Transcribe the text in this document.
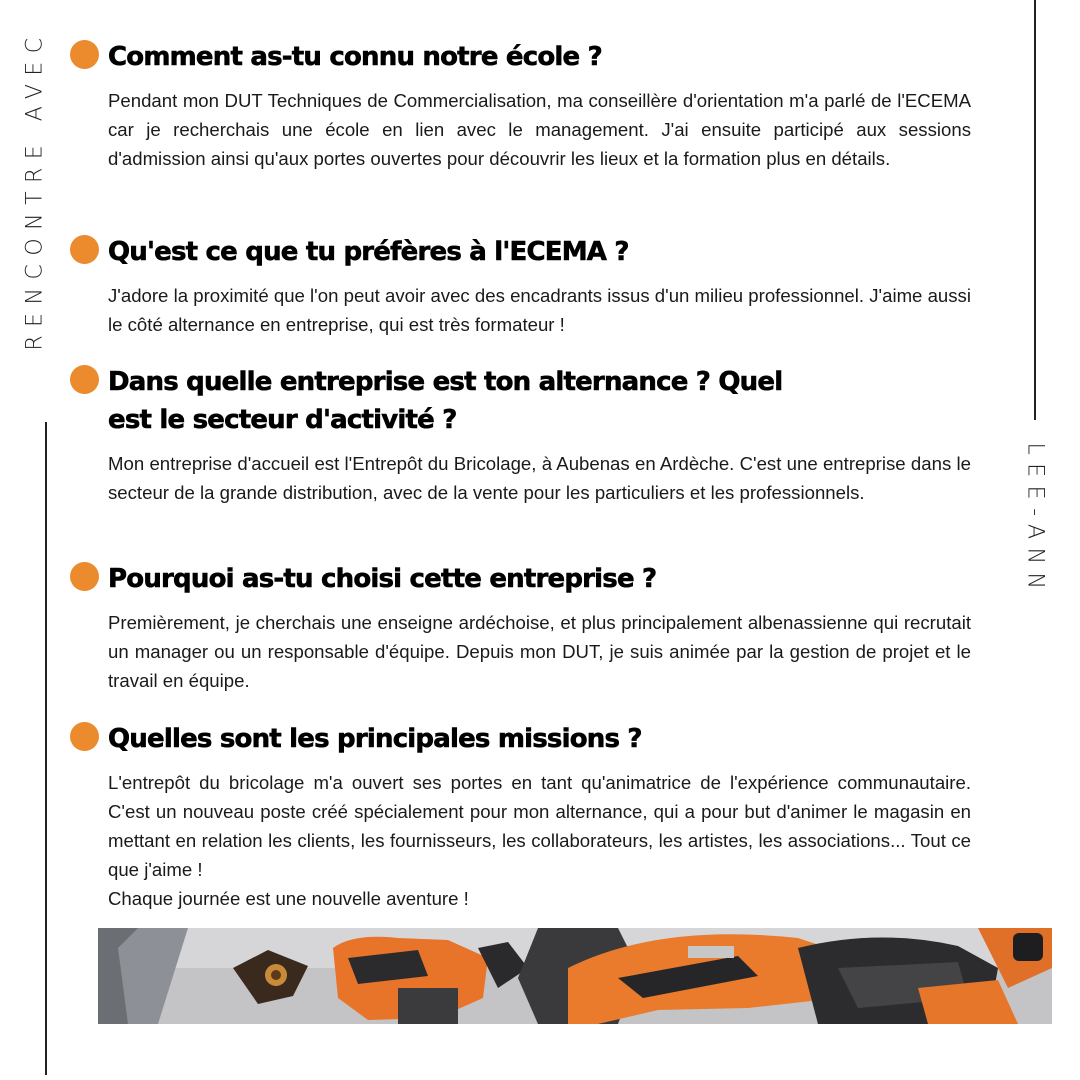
RENCONTRE AVEC
LEE-ANN
Comment as-tu connu notre école ?

Pendant mon DUT Techniques de Commercialisation, ma conseillère d'orientation m'a parlé de l'ECEMA car je recherchais une école en lien avec le management. J'ai ensuite participé aux sessions d'admission ainsi qu'aux portes ouvertes pour découvrir les lieux et la formation plus en détails.

Qu'est ce que tu préfères à l'ECEMA ?

J'adore la proximité que l'on peut avoir avec des encadrants issus d'un milieu professionnel. J'aime aussi le côté alternance en entreprise, qui est très formateur !

Dans quelle entreprise est ton alternance ? Quel
est le secteur d'activité ?

Mon entreprise d'accueil est l'Entrepôt du Bricolage, à Aubenas en Ardèche. C'est une entreprise dans le secteur de la grande distribution, avec de la vente pour les particuliers et les professionnels.

Pourquoi as-tu choisi cette entreprise ?

Premièrement, je cherchais une enseigne ardéchoise, et plus principalement albenassienne qui recrutait un manager ou un responsable d'équipe. Depuis mon DUT, je suis animée par la gestion de projet et le travail en équipe.

Quelles sont les principales missions ?

L'entrepôt du bricolage m'a ouvert ses portes en tant qu'animatrice de l'expérience communautaire. C'est un nouveau poste créé spécialement pour mon alternance, qui a pour but d'animer le magasin en mettant en relation les clients, les fournisseurs, les collaborateurs, les artistes, les associations... Tout ce que j'aime !

Chaque journée est une nouvelle aventure !
